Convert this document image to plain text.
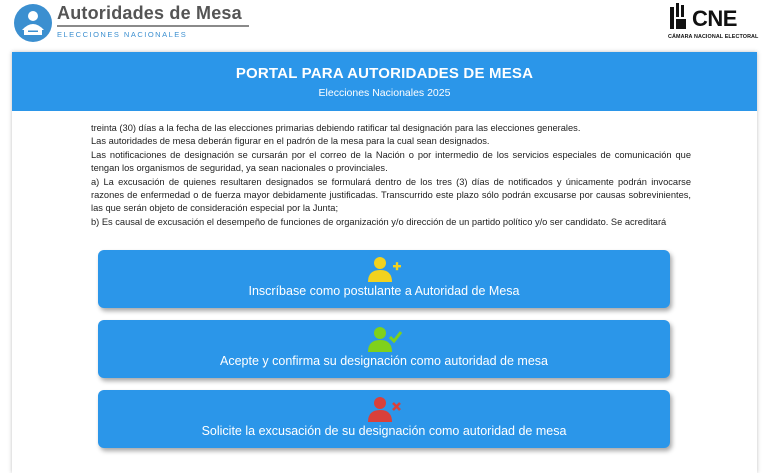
Autoridades de Mesa
ELECCIONES NACIONALES
CNE
CÁMARA NACIONAL ELECTORAL
PORTAL PARA AUTORIDADES DE MESA
Elecciones Nacionales 2025

treinta (30) días a la fecha de las elecciones primarias debiendo ratificar tal designación para las elecciones generales.

Las autoridades de mesa deberán figurar en el padrón de la mesa para la cual sean designados.

Las notificaciones de designación se cursarán por el correo de la Nación o por intermedio de los servicios especiales de comunicación que tengan los organismos de seguridad, ya sean nacionales o provinciales.

a) La excusación de quienes resultaren designados se formulará dentro de los tres (3) días de notificados y únicamente podrán invocarse razones de enfermedad o de fuerza mayor debidamente justificadas. Transcurrido este plazo sólo podrán excusarse por causas sobrevinientes, las que serán objeto de consideración especial por la Junta;

b) Es causal de excusación el desempeño de funciones de organización y/o dirección de un partido político y/o ser candidato. Se acreditará

Inscríbase como postulante a Autoridad de Mesa
Acepte y confirma su designación como autoridad de mesa
Solicite la excusación de su designación como autoridad de mesa
